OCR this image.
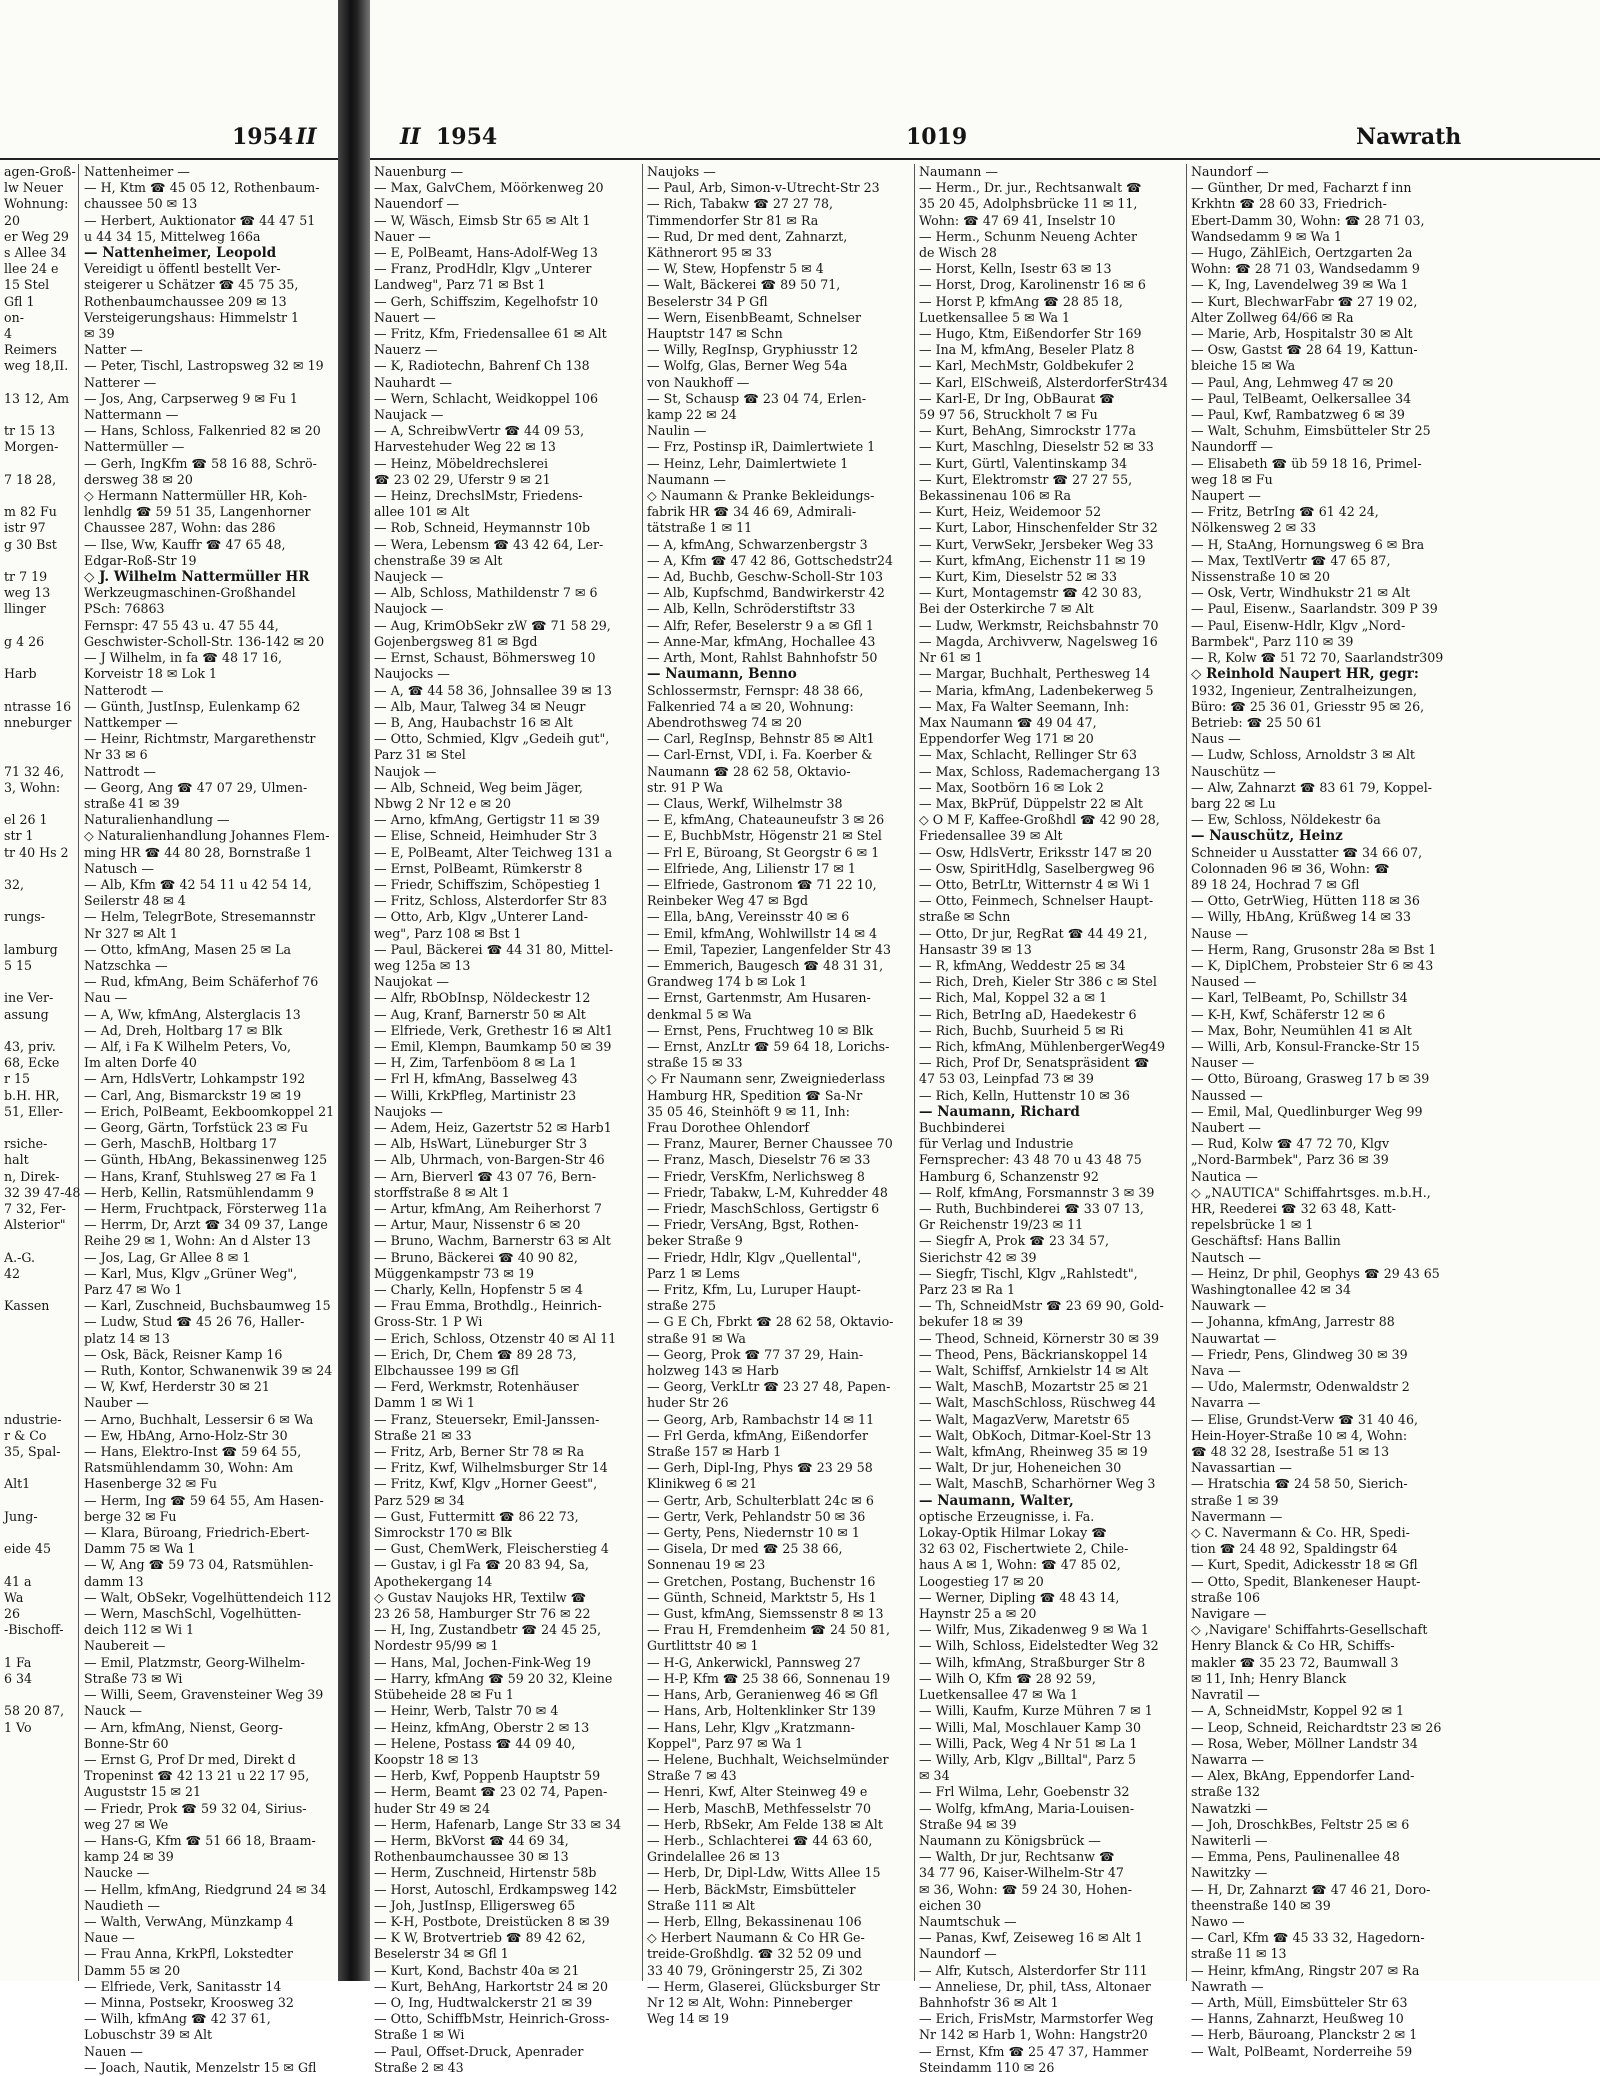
1954 II
agen-Groß-
lw Neuer
Wohnung:
20
er Weg 29
s Allee 34
llee 24 e
15 Stel
Gfl 1
on-
4
Reimers
weg 18,II.

13 12, Am

tr 15 13
Morgen-

7 18 28,

m 82 Fu
istr 97
g 30 Bst

tr 7 19
weg 13
llinger

g 4 26

Harb

ntrasse 16
nneburger

71 32 46,
3, Wohn:

el 26 1
str 1
tr 40 Hs 2

32,

rungs-

lamburg
5 15

ine Ver-
assung

43, priv.
68, Ecke
r 15
b.H. HR,
51, Eller-

rsiche-
halt
n, Direk-
32 39 47-48
7 32, Fer-
Alsterior"

A.-G.
42

Kassen

ndustrie-
r & Co
35, Spal-

Alt1

Jung-

eide 45

41 a
Wa
26
-Bischoff-

1 Fa
6 34

58 20 87,
1 Vo
Nattenheimer —
— H, Ktm ☎ 45 05 12, Rothenbaum-
chaussee 50 ✉ 13
— Herbert, Auktionator ☎ 44 47 51
u 44 34 15, Mittelweg 166a
— Nattenheimer, Leopold
Vereidigt u öffentl bestellt Ver-
steigerer u Schätzer ☎ 45 75 35,
Rothenbaumchaussee 209 ✉ 13
Versteigerungshaus: Himmelstr 1
✉ 39
Natter —
— Peter, Tischl, Lastropsweg 32 ✉ 19
Natterer —
— Jos, Ang, Carpserweg 9 ✉ Fu 1
Nattermann —
— Hans, Schloss, Falkenried 82 ✉ 20
Nattermüller —
— Gerh, IngKfm ☎ 58 16 88, Schrö-
dersweg 38 ✉ 20
◇ Hermann Nattermüller HR, Koh-
lenhdlg ☎ 59 51 35, Langenhorner
Chaussee 287, Wohn: das 286
— Ilse, Ww, Kauffr ☎ 47 65 48,
Edgar-Roß-Str 19
◇ J. Wilhelm Nattermüller HR
Werkzeugmaschinen-Großhandel
PSch: 76863
Fernspr: 47 55 43 u. 47 55 44,
Geschwister-Scholl-Str. 136-142 ✉ 20
— J Wilhelm, in fa ☎ 48 17 16,
Korveistr 18 ✉ Lok 1
Natterodt —
— Günth, JustInsp, Eulenkamp 62
Nattkemper —
— Heinr, Richtmstr, Margarethenstr
Nr 33 ✉ 6
Nattrodt —
— Georg, Ang ☎ 47 07 29, Ulmen-
straße 41 ✉ 39
Naturalienhandlung —
◇ Naturalienhandlung Johannes Flem-
ming HR ☎ 44 80 28, Bornstraße 1
Natusch —
— Alb, Kfm ☎ 42 54 11 u 42 54 14,
Seilerstr 48 ✉ 4
— Helm, TelegrBote, Stresemannstr
Nr 327 ✉ Alt 1
— Otto, kfmAng, Masen 25 ✉ La
Natzschka —
— Rud, kfmAng, Beim Schäferhof 76
Nau —
— A, Ww, kfmAng, Alsterglacis 13
— Ad, Dreh, Holtbarg 17 ✉ Blk
— Alf, i Fa K Wilhelm Peters, Vo,
Im alten Dorfe 40
— Arn, HdlsVertr, Lohkampstr 192
— Carl, Ang, Bismarckstr 19 ✉ 19
— Erich, PolBeamt, Eekboomkoppel 21
— Georg, Gärtn, Torfstück 23 ✉ Fu
— Gerh, MaschB, Holtbarg 17
— Günth, HbAng, Bekassinenweg 125
— Hans, Kranf, Stuhlsweg 27 ✉ Fa 1
— Herb, Kellin, Ratsmühlendamm 9
— Herm, Fruchtpack, Försterweg 11a
— Herrm, Dr, Arzt ☎ 34 09 37, Lange
Reihe 29 ✉ 1, Wohn: An d Alster 13
— Jos, Lag, Gr Allee 8 ✉ 1
— Karl, Mus, Klgv „Grüner Weg",
Parz 47 ✉ Wo 1
— Karl, Zuschneid, Buchsbaumweg 15
— Ludw, Stud ☎ 45 26 76, Haller-
platz 14 ✉ 13
— Osk, Bäck, Reisner Kamp 16
— Ruth, Kontor, Schwanenwik 39 ✉ 24
— W, Kwf, Herderstr 30 ✉ 21
Nauber —
— Arno, Buchhalt, Lessersir 6 ✉ Wa
— Ew, HbAng, Arno-Holz-Str 30
— Hans, Elektro-Inst ☎ 59 64 55,
Ratsmühlendamm 30, Wohn: Am
Hasenberge 32 ✉ Fu
— Herm, Ing ☎ 59 64 55, Am Hasen-
berge 32 ✉ Fu
— Klara, Büroang, Friedrich-Ebert-
Damm 75 ✉ Wa 1
— W, Ang ☎ 59 73 04, Ratsmühlen-
damm 13
— Walt, ObSekr, Vogelhüttendeich 112
— Wern, MaschSchl, Vogelhütten-
deich 112 ✉ Wi 1
Naubereit —
— Emil, Platzmstr, Georg-Wilhelm-
Straße 73 ✉ Wi
— Willi, Seem, Gravensteiner Weg 39
Nauck —
— Arn, kfmAng, Nienst, Georg-
Bonne-Str 60
— Ernst G, Prof Dr med, Direkt d
Tropeninst ☎ 42 13 21 u 22 17 95,
Auguststr 15 ✉ 21
— Friedr, Prok ☎ 59 32 04, Sirius-
weg 27 ✉ We
— Hans-G, Kfm ☎ 51 66 18, Braam-
kamp 24 ✉ 39
Naucke —
— Hellm, kfmAng, Riedgrund 24 ✉ 34
Naudieth —
— Walth, VerwAng, Münzkamp 4
Naue —
— Frau Anna, KrkPfl, Lokstedter
Damm 55 ✉ 20
— Elfriede, Verk, Sanitasstr 14
— Minna, Postsekr, Kroosweg 32
— Wilh, kfmAng ☎ 42 37 61,
Lobuschstr 39 ✉ Alt
Nauen —
— Joach, Nautik, Menzelstr 15 ✉ Gfl
II 1954	1019	Nawrath
Nauenburg —
— Max, GalvChem, Möörkenweg 20
Nauendorf —
— W, Wäsch, Eimsb Str 65 ✉ Alt 1
Nauer —
— E, PolBeamt, Hans-Adolf-Weg 13
— Franz, ProdHdlr, Klgv „Unterer
Landweg", Parz 71 ✉ Bst 1
— Gerh, Schiffszim, Kegelhofstr 10
Nauert —
— Fritz, Kfm, Friedensallee 61 ✉ Alt
Nauerz —
— K, Radiotechn, Bahrenf Ch 138
Nauhardt —
— Wern, Schlacht, Weidkoppel 106
Naujack —
— A, SchreibwVertr ☎ 44 09 53,
Harvestehuder Weg 22 ✉ 13
— Heinz, Möbeldrechslerei
☎ 23 02 29, Uferstr 9 ✉ 21
— Heinz, DrechslMstr, Friedens-
allee 101 ✉ Alt
— Rob, Schneid, Heymannstr 10b
— Wera, Lebensm ☎ 43 42 64, Ler-
chenstraße 39 ✉ Alt
Naujeck —
— Alb, Schloss, Mathildenstr 7 ✉ 6
Naujock —
— Aug, KrimObSekr zW ☎ 71 58 29,
Gojenbergsweg 81 ✉ Bgd
— Ernst, Schaust, Böhmersweg 10
Naujocks —
— A, ☎ 44 58 36, Johnsallee 39 ✉ 13
— Alb, Maur, Talweg 34 ✉ Neugr
— B, Ang, Haubachstr 16 ✉ Alt
— Otto, Schmied, Klgv „Gedeih gut",
Parz 31 ✉ Stel
Naujok —
— Alb, Schneid, Weg beim Jäger,
Nbwg 2 Nr 12 e ✉ 20
— Arno, kfmAng, Gertigstr 11 ✉ 39
— Elise, Schneid, Heimhuder Str 3
— E, PolBeamt, Alter Teichweg 131 a
— Ernst, PolBeamt, Rümkerstr 8
— Friedr, Schiffszim, Schöpestieg 1
— Fritz, Schloss, Alsterdorfer Str 83
— Otto, Arb, Klgv „Unterer Land-
weg", Parz 108 ✉ Bst 1
— Paul, Bäckerei ☎ 44 31 80, Mittel-
weg 125a ✉ 13
Naujokat —
— Alfr, RbObInsp, Nöldeckestr 12
— Aug, Kranf, Barnerstr 50 ✉ Alt
— Elfriede, Verk, Grethestr 16 ✉ Alt1
— Emil, Klempn, Baumkamp 50 ✉ 39
— H, Zim, Tarfenböom 8 ✉ La 1
— Frl H, kfmAng, Basselweg 43
— Willi, KrkPfleg, Martinistr 23
Naujoks —
— Adem, Heiz, Gazertstr 52 ✉ Harb1
— Alb, HsWart, Lüneburger Str 3
— Alb, Uhrmach, von-Bargen-Str 46
— Arn, Bierverl ☎ 43 07 76, Bern-
storffstraße 8 ✉ Alt 1
— Artur, kfmAng, Am Reiherhorst 7
— Artur, Maur, Nissenstr 6 ✉ 20
— Bruno, Wachm, Barnerstr 63 ✉ Alt
— Bruno, Bäckerei ☎ 40 90 82,
Müggenkampstr 73 ✉ 19
— Charly, Kelln, Hopfenstr 5 ✉ 4
— Frau Emma, Brothdlg., Heinrich-
Gross-Str. 1 P Wi
— Erich, Schloss, Otzenstr 40 ✉ Al 11
— Erich, Dr, Chem ☎ 89 28 73,
Elbchaussee 199 ✉ Gfl
— Ferd, Werkmstr, Rotenhäuser
Damm 1 ✉ Wi 1
— Franz, Steuersekr, Emil-Janssen-
Straße 21 ✉ 33
— Fritz, Arb, Berner Str 78 ✉ Ra
— Fritz, Kwf, Wilhelmsburger Str 14
— Fritz, Kwf, Klgv „Horner Geest",
Parz 529 ✉ 34
— Gust, Futtermitt ☎ 86 22 73,
Simrockstr 170 ✉ Blk
— Gust, ChemWerk, Fleischerstieg 4
— Gustav, i gl Fa ☎ 20 83 94, Sa,
Apothekergang 14
◇ Gustav Naujoks HR, Textilw ☎
23 26 58, Hamburger Str 76 ✉ 22
— H, Ing, Zustandbetr ☎ 24 45 25,
Nordestr 95/99 ✉ 1
— Hans, Mal, Jochen-Fink-Weg 19
— Harry, kfmAng ☎ 59 20 32, Kleine
Stübeheide 28 ✉ Fu 1
— Heinr, Werb, Talstr 70 ✉ 4
— Heinz, kfmAng, Oberstr 2 ✉ 13
— Helene, Postass ☎ 44 09 40,
Koopstr 18 ✉ 13
— Herb, Kwf, Poppenb Hauptstr 59
— Herm, Beamt ☎ 23 02 74, Papen-
huder Str 49 ✉ 24
— Herm, Hafenarb, Lange Str 33 ✉ 34
— Herm, BkVorst ☎ 44 69 34,
Rothenbaumchaussee 30 ✉ 13
— Herm, Zuschneid, Hirtenstr 58b
— Horst, Autoschl, Erdkampsweg 142
— Joh, JustInsp, Elligersweg 65
— K-H, Postbote, Dreistücken 8 ✉ 39
— K W, Brotvertrieb ☎ 89 42 62,
Beselerstr 34 ✉ Gfl 1
— Kurt, Kond, Bachstr 40a ✉ 21
— Kurt, BehAng, Harkortstr 24 ✉ 20
— O, Ing, Hudtwalckerstr 21 ✉ 39
— Otto, SchiffbMstr, Heinrich-Gross-
Straße 1 ✉ Wi
— Paul, Offset-Druck, Apenrader
Straße 2 ✉ 43
Naujoks —
— Paul, Arb, Simon-v-Utrecht-Str 23
— Rich, Tabakw ☎ 27 27 78,
Timmendorfer Str 81 ✉ Ra
— Rud, Dr med dent, Zahnarzt,
Käthnerort 95 ✉ 33
— W, Stew, Hopfenstr 5 ✉ 4
— Walt, Bäckerei ☎ 89 50 71,
Beselerstr 34 P Gfl
— Wern, EisenbBeamt, Schnelser
Hauptstr 147 ✉ Schn
— Willy, RegInsp, Gryphiusstr 12
— Wolfg, Glas, Berner Weg 54a
von Naukhoff —
— St, Schausp ☎ 23 04 74, Erlen-
kamp 22 ✉ 24
Naulin —
— Frz, Postinsp iR, Daimlertwiete 1
— Heinz, Lehr, Daimlertwiete 1
Naumann —
◇ Naumann & Pranke Bekleidungs-
fabrik HR ☎ 34 46 69, Admirali-
tätstraße 1 ✉ 11
— A, kfmAng, Schwarzenbergstr 3
— A, Kfm ☎ 47 42 86, Gottschedstr24
— Ad, Buchb, Geschw-Scholl-Str 103
— Alb, Kupfschmd, Bandwirkerstr 42
— Alb, Kelln, Schröderstiftstr 33
— Alfr, Refer, Beselerstr 9 a ✉ Gfl 1
— Anne-Mar, kfmAng, Hochallee 43
— Arth, Mont, Rahlst Bahnhofstr 50
— Naumann, Benno
Schlossermstr, Fernspr: 48 38 66,
Falkenried 74 a ✉ 20, Wohnung:
Abendrothsweg 74 ✉ 20
— Carl, RegInsp, Behnstr 85 ✉ Alt1
— Carl-Ernst, VDI, i. Fa. Koerber &
Naumann ☎ 28 62 58, Oktavio-
str. 91 P Wa
— Claus, Werkf, Wilhelmstr 38
— E, kfmAng, Chateauneufstr 3 ✉ 26
— E, BuchbMstr, Högenstr 21 ✉ Stel
— Frl E, Büroang, St Georgstr 6 ✉ 1
— Elfriede, Ang, Lilienstr 17 ✉ 1
— Elfriede, Gastronom ☎ 71 22 10,
Reinbeker Weg 47 ✉ Bgd
— Ella, bAng, Vereinsstr 40 ✉ 6
— Emil, kfmAng, Wohlwillstr 14 ✉ 4
— Emil, Tapezier, Langenfelder Str 43
— Emmerich, Baugesch ☎ 48 31 31,
Grandweg 174 b ✉ Lok 1
— Ernst, Gartenmstr, Am Husaren-
denkmal 5 ✉ Wa
— Ernst, Pens, Fruchtweg 10 ✉ Blk
— Ernst, AnzLtr ☎ 59 64 18, Lorichs-
straße 15 ✉ 33
◇ Fr Naumann senr, Zweigniederlass
Hamburg HR, Spedition ☎ Sa-Nr
35 05 46, Steinhöft 9 ✉ 11, Inh:
Frau Dorothee Ohlendorf
— Franz, Maurer, Berner Chaussee 70
— Franz, Masch, Dieselstr 76 ✉ 33
— Friedr, VersKfm, Nerlichsweg 8
— Friedr, Tabakw, L-M, Kuhredder 48
— Friedr, MaschSchloss, Gertigstr 6
— Friedr, VersAng, Bgst, Rothen-
beker Straße 9
— Friedr, Hdlr, Klgv „Quellental",
Parz 1 ✉ Lems
— Fritz, Kfm, Lu, Luruper Haupt-
straße 275
— G E Ch, Fbrkt ☎ 28 62 58, Oktavio-
straße 91 ✉ Wa
— Georg, Prok ☎ 77 37 29, Hain-
holzweg 143 ✉ Harb
— Georg, VerkLtr ☎ 23 27 48, Papen-
huder Str 26
— Georg, Arb, Rambachstr 14 ✉ 11
— Frl Gerda, kfmAng, Eißendorfer
Straße 157 ✉ Harb 1
— Gerh, Dipl-Ing, Phys ☎ 23 29 58
Klinikweg 6 ✉ 21
— Gertr, Arb, Schulterblatt 24c ✉ 6
— Gertr, Verk, Pehlandstr 50 ✉ 36
— Gerty, Pens, Niedernstr 10 ✉ 1
— Gisela, Dr med ☎ 25 38 66,
Sonnenau 19 ✉ 23
— Gretchen, Postang, Buchenstr 16
— Günth, Schneid, Marktstr 5, Hs 1
— Gust, kfmAng, Siemssenstr 8 ✉ 13
— Frau H, Fremdenheim ☎ 24 50 81,
Gurtlittstr 40 ✉ 1
— H-G, Ankerwickl, Pannsweg 27
— H-P, Kfm ☎ 25 38 66, Sonnenau 19
— Hans, Arb, Geranienweg 46 ✉ Gfl
— Hans, Arb, Holtenklinker Str 139
— Hans, Lehr, Klgv „Kratzmann-
Koppel", Parz 97 ✉ Wa 1
— Helene, Buchhalt, Weichselmünder
Straße 7 ✉ 43
— Henri, Kwf, Alter Steinweg 49 e
— Herb, MaschB, Methfesselstr 70
— Herb, RbSekr, Am Felde 138 ✉ Alt
— Herb., Schlachterei ☎ 44 63 60,
Grindelallee 26 ✉ 13
— Herb, Dr, Dipl-Ldw, Witts Allee 15
— Herb, BäckMstr, Eimsbütteler
Straße 111 ✉ Alt
— Herb, Ellng, Bekassinenau 106
◇ Herbert Naumann & Co HR Ge-
treide-Großhdlg. ☎ 32 52 09 und
33 40 79, Gröningerstr 25, Zi 302
— Herm, Glaserei, Glücksburger Str
Nr 12 ✉ Alt, Wohn: Pinneberger
Weg 14 ✉ 19
Naumann —
— Herm., Dr. jur., Rechtsanwalt ☎
35 20 45, Adolphsbrücke 11 ✉ 11,
Wohn: ☎ 47 69 41, Inselstr 10
— Herm., Schunm Neueng Achter
de Wisch 28
— Horst, Kelln, Isestr 63 ✉ 13
— Horst, Drog, Karolinenstr 16 ✉ 6
— Horst P, kfmAng ☎ 28 85 18,
Luetkensallee 5 ✉ Wa 1
— Hugo, Ktm, Eißendorfer Str 169
— Ina M, kfmAng, Beseler Platz 8
— Karl, MechMstr, Goldbekufer 2
— Karl, ElSchweiß, AlsterdorferStr434
— Karl-E, Dr Ing, ObBaurat ☎
59 97 56, Struckholt 7 ✉ Fu
— Kurt, BehAng, Simrockstr 177a
— Kurt, Maschlng, Dieselstr 52 ✉ 33
— Kurt, Gürtl, Valentinskamp 34
— Kurt, Elektromstr ☎ 27 27 55,
Bekassinenau 106 ✉ Ra
— Kurt, Heiz, Weidemoor 52
— Kurt, Labor, Hinschenfelder Str 32
— Kurt, VerwSekr, Jersbeker Weg 33
— Kurt, kfmAng, Eichenstr 11 ✉ 19
— Kurt, Kim, Dieselstr 52 ✉ 33
— Kurt, Montagemstr ☎ 42 30 83,
Bei der Osterkirche 7 ✉ Alt
— Ludw, Werkmstr, Reichsbahnstr 70
— Magda, Archivverw, Nagelsweg 16
Nr 61 ✉ 1
— Margar, Buchhalt, Perthesweg 14
— Maria, kfmAng, Ladenbekerweg 5
— Max, Fa Walter Seemann, Inh:
Max Naumann ☎ 49 04 47,
Eppendorfer Weg 171 ✉ 20
— Max, Schlacht, Rellinger Str 63
— Max, Schloss, Rademachergang 13
— Max, Sootbörn 16 ✉ Lok 2
— Max, BkPrüf, Düppelstr 22 ✉ Alt
◇ O M F, Kaffee-Großhdl ☎ 42 90 28,
Friedensallee 39 ✉ Alt
— Osw, HdlsVertr, Eriksstr 147 ✉ 20
— Osw, SpiritHdlg, Saselbergweg 96
— Otto, BetrLtr, Witternstr 4 ✉ Wi 1
— Otto, Feinmech, Schnelser Haupt-
straße ✉ Schn
— Otto, Dr jur, RegRat ☎ 44 49 21,
Hansastr 39 ✉ 13
— R, kfmAng, Weddestr 25 ✉ 34
— Rich, Dreh, Kieler Str 386 c ✉ Stel
— Rich, Mal, Koppel 32 a ✉ 1
— Rich, BetrIng aD, Haedekestr 6
— Rich, Buchb, Suurheid 5 ✉ Ri
— Rich, kfmAng, MühlenbergerWeg49
— Rich, Prof Dr, Senatspräsident ☎
47 53 03, Leinpfad 73 ✉ 39
— Rich, Kelln, Huttenstr 10 ✉ 36
— Naumann, Richard
Buchbinderei
für Verlag und Industrie
Fernsprecher: 43 48 70 u 43 48 75
Hamburg 6, Schanzenstr 92
— Rolf, kfmAng, Forsmannstr 3 ✉ 39
— Ruth, Buchbinderei ☎ 33 07 13,
Gr Reichenstr 19/23 ✉ 11
— Siegfr A, Prok ☎ 23 34 57,
Sierichstr 42 ✉ 39
— Siegfr, Tischl, Klgv „Rahlstedt",
Parz 23 ✉ Ra 1
— Th, SchneidMstr ☎ 23 69 90, Gold-
bekufer 18 ✉ 39
— Theod, Schneid, Körnerstr 30 ✉ 39
— Theod, Pens, Bäckrianskoppel 14
— Walt, Schiffsf, Arnkielstr 14 ✉ Alt
— Walt, MaschB, Mozartstr 25 ✉ 21
— Walt, MaschSchloss, Rüschweg 44
— Walt, MagazVerw, Maretstr 65
— Walt, ObKoch, Ditmar-Koel-Str 13
— Walt, kfmAng, Rheinweg 35 ✉ 19
— Walt, Dr jur, Hoheneichen 30
— Walt, MaschB, Scharhörner Weg 3
— Naumann, Walter,
optische Erzeugnisse, i. Fa.
Lokay-Optik Hilmar Lokay ☎
32 63 02, Fischertwiete 2, Chile-
haus A ✉ 1, Wohn: ☎ 47 85 02,
Loogestieg 17 ✉ 20
— Werner, Dipling ☎ 48 43 14,
Haynstr 25 a ✉ 20
— Wilfr, Mus, Zikadenweg 9 ✉ Wa 1
— Wilh, Schloss, Eidelstedter Weg 32
— Wilh, kfmAng, Straßburger Str 8
— Wilh O, Kfm ☎ 28 92 59,
Luetkensallee 47 ✉ Wa 1
— Willi, Kaufm, Kurze Mühren 7 ✉ 1
— Willi, Mal, Moschlauer Kamp 30
— Willi, Pack, Weg 4 Nr 51 ✉ La 1
— Willy, Arb, Klgv „Billtal", Parz 5
✉ 34
— Frl Wilma, Lehr, Goebenstr 32
— Wolfg, kfmAng, Maria-Louisen-
Straße 94 ✉ 39
Naumann zu Königsbrück —
— Walth, Dr jur, Rechtsanw ☎
34 77 96, Kaiser-Wilhelm-Str 47
✉ 36, Wohn: ☎ 59 24 30, Hohen-
eichen 30
Naumtschuk —
— Panas, Kwf, Zeiseweg 16 ✉ Alt 1
Naundorf —
— Alfr, Kutsch, Alsterdorfer Str 111
— Anneliese, Dr, phil, tAss, Altonaer
Bahnhofstr 36 ✉ Alt 1
— Erich, FrisMstr, Marmstorfer Weg
Nr 142 ✉ Harb 1, Wohn: Hangstr20
— Ernst, Kfm ☎ 25 47 37, Hammer
Steindamm 110 ✉ 26
Naundorf —
— Günther, Dr med, Facharzt f inn
Krkhtn ☎ 28 60 33, Friedrich-
Ebert-Damm 30, Wohn: ☎ 28 71 03,
Wandsedamm 9 ✉ Wa 1
— Hugo, ZählEich, Oertzgarten 2a
Wohn: ☎ 28 71 03, Wandsedamm 9
— K, Ing, Lavendelweg 39 ✉ Wa 1
— Kurt, BlechwarFabr ☎ 27 19 02,
Alter Zollweg 64/66 ✉ Ra
— Marie, Arb, Hospitalstr 30 ✉ Alt
— Osw, Gastst ☎ 28 64 19, Kattun-
bleiche 15 ✉ Wa
— Paul, Ang, Lehmweg 47 ✉ 20
— Paul, TelBeamt, Oelkersallee 34
— Paul, Kwf, Rambatzweg 6 ✉ 39
— Walt, Schuhm, Eimsbütteler Str 25
Naundorff —
— Elisabeth ☎ üb 59 18 16, Primel-
weg 18 ✉ Fu
Naupert —
— Fritz, BetrIng ☎ 61 42 24,
Nölkensweg 2 ✉ 33
— H, StaAng, Hornungsweg 6 ✉ Bra
— Max, TextlVertr ☎ 47 65 87,
Nissenstraße 10 ✉ 20
— Osk, Vertr, Windhukstr 21 ✉ Alt
— Paul, Eisenw., Saarlandstr. 309 P 39
— Paul, Eisenw-Hdlr, Klgv „Nord-
Barmbek", Parz 110 ✉ 39
— R, Kolw ☎ 51 72 70, Saarlandstr309
◇ Reinhold Naupert HR, gegr:
1932, Ingenieur, Zentralheizungen,
Büro: ☎ 25 36 01, Griesstr 95 ✉ 26,
Betrieb: ☎ 25 50 61
Naus —
— Ludw, Schloss, Arnoldstr 3 ✉ Alt
Nauschütz —
— Alw, Zahnarzt ☎ 83 61 79, Koppel-
barg 22 ✉ Lu
— Ew, Schloss, Nöldekestr 6a
— Nauschütz, Heinz
Schneider u Ausstatter ☎ 34 66 07,
Colonnaden 96 ✉ 36, Wohn: ☎
89 18 24, Hochrad 7 ✉ Gfl
— Otto, GetrWieg, Hütten 118 ✉ 36
— Willy, HbAng, Krüßweg 14 ✉ 33
Nause —
— Herm, Rang, Grusonstr 28a ✉ Bst 1
— K, DiplChem, Probsteier Str 6 ✉ 43
Naused —
— Karl, TelBeamt, Po, Schillstr 34
— K-H, Kwf, Schäferstr 12 ✉ 6
— Max, Bohr, Neumühlen 41 ✉ Alt
— Willi, Arb, Konsul-Francke-Str 15
Nauser —
— Otto, Büroang, Grasweg 17 b ✉ 39
Naussed —
— Emil, Mal, Quedlinburger Weg 99
Naubert —
— Rud, Kolw ☎ 47 72 70, Klgv
„Nord-Barmbek", Parz 36 ✉ 39
Nautica —
◇ „NAUTICA" Schiffahrtsges. m.b.H.,
HR, Reederei ☎ 32 63 48, Katt-
repelsbrücke 1 ✉ 1
Geschäftsf: Hans Ballin
Nautsch —
— Heinz, Dr phil, Geophys ☎ 29 43 65
Washingtonallee 42 ✉ 34
Nauwark —
— Johanna, kfmAng, Jarrestr 88
Nauwartat —
— Friedr, Pens, Glindweg 30 ✉ 39
Nava —
— Udo, Malermstr, Odenwaldstr 2
Navarra —
— Elise, Grundst-Verw ☎ 31 40 46,
Hein-Hoyer-Straße 10 ✉ 4, Wohn:
☎ 48 32 28, Isestraße 51 ✉ 13
Navassartian —
— Hratschia ☎ 24 58 50, Sierich-
straße 1 ✉ 39
Navermann —
◇ C. Navermann & Co. HR, Spedi-
tion ☎ 24 48 92, Spaldingstr 64
— Kurt, Spedit, Adickesstr 18 ✉ Gfl
— Otto, Spedit, Blankeneser Haupt-
straße 106
Navigare —
◇ ,Navigare' Schiffahrts-Gesellschaft
Henry Blanck & Co HR, Schiffs-
makler ☎ 35 23 72, Baumwall 3
✉ 11, Inh; Henry Blanck
Navratil —
— A, SchneidMstr, Koppel 92 ✉ 1
— Leop, Schneid, Reichardtstr 23 ✉ 26
— Rosa, Weber, Möllner Landstr 34
Nawarra —
— Alex, BkAng, Eppendorfer Land-
straße 132
Nawatzki —
— Joh, DroschkBes, Feltstr 25 ✉ 6
Nawiterli —
— Emma, Pens, Paulinenallee 48
Nawitzky —
— H, Dr, Zahnarzt ☎ 47 46 21, Doro-
theenstraße 140 ✉ 39
Nawo —
— Carl, Kfm ☎ 45 33 32, Hagedorn-
straße 11 ✉ 13
— Heinr, kfmAng, Ringstr 207 ✉ Ra
Nawrath —
— Arth, Müll, Eimsbütteler Str 63
— Hanns, Zahnarzt, Heußweg 10
— Herb, Bäuroang, Planckstr 2 ✉ 1
— Walt, PolBeamt, Norderreihe 59
